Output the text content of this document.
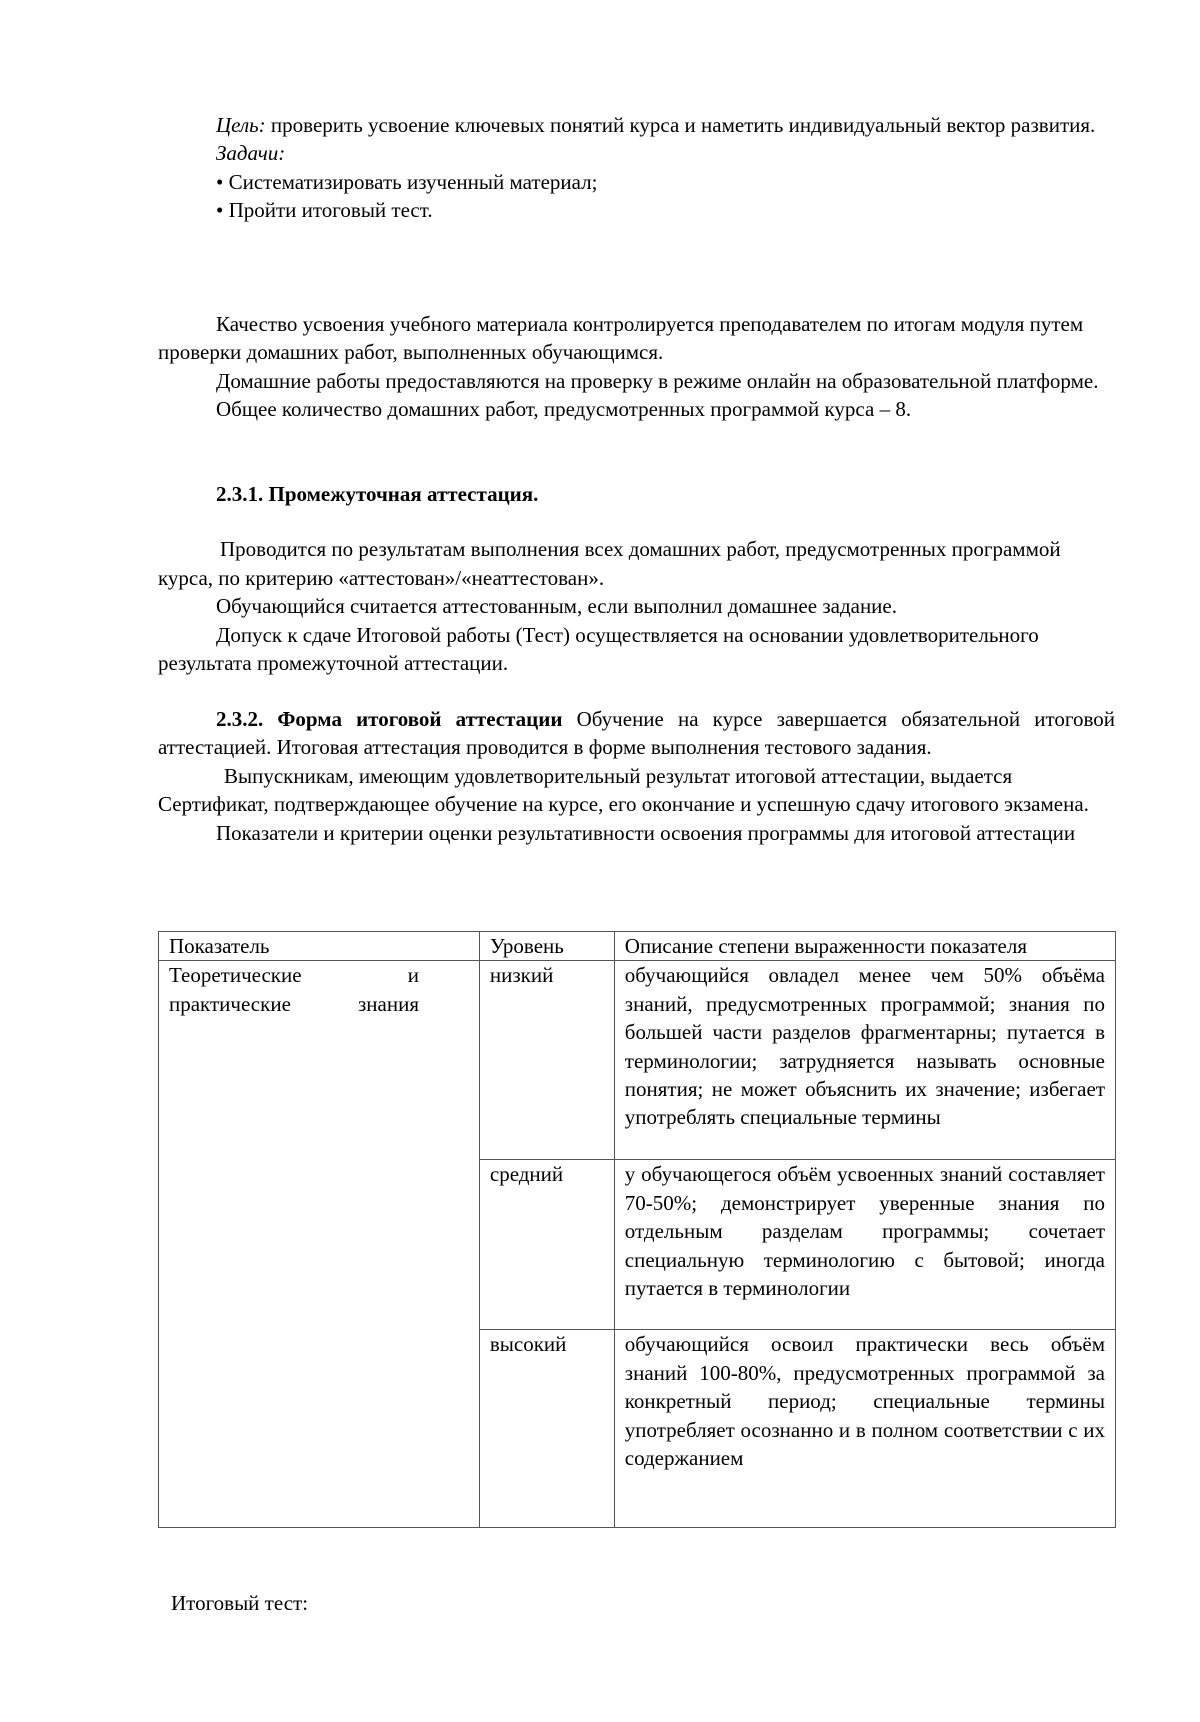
Цель: проверить усвоение ключевых понятий курса и наметить индивидуальный вектор развития.

Задачи:

• Систематизировать изученный материал;

• Пройти итоговый тест.

Качество усвоения учебного материала контролируется преподавателем по итогам модуля путем проверки домашних работ, выполненных обучающимся.

Домашние работы предоставляются на проверку в режиме онлайн на образовательной платформе.

Общее количество домашних работ, предусмотренных программой курса – 8.

2.3.1. Промежуточная аттестация.

Проводится по результатам выполнения всех домашних работ, предусмотренных программой курса, по критерию «аттестован»/«неаттестован».

Обучающийся считается аттестованным, если выполнил домашнее задание.

Допуск к сдаче Итоговой работы (Тест) осуществляется на основании удовлетворительного результата промежуточной аттестации.

2.3.2. Форма итоговой аттестации Обучение на курсе завершается обязательной итоговой аттестацией. Итоговая аттестация проводится в форме выполнения тестового задания.

Выпускникам, имеющим удовлетворительный результат итоговой аттестации, выдается Сертификат, подтверждающее обучение на курсе, его окончание и успешную сдачу итогового экзамена.

Показатели и критерии оценки результативности освоения программы для итоговой аттестации

Показатель	Уровень	Описание степени выраженности показателя

Теоретические и практические знания	низкий	обучающийся овладел менее чем 50% объёма знаний, предусмотренных программой; знания по большей части разделов фрагментарны; путается в терминологии; затрудняется называть основные понятия; не может объяснить их значение; избегает употреблять специальные термины
	средний	у обучающегося объём усвоенных знаний составляет 70-50%; демонстрирует уверенные знания по отдельным разделам программы; сочетает специальную терминологию с бытовой; иногда путается в терминологии
	высокий	обучающийся освоил практически весь объём знаний 100-80%, предусмотренных программой за конкретный период; специальные термины употребляет осознанно и в полном соответствии с их содержанием
Итоговый тест:
